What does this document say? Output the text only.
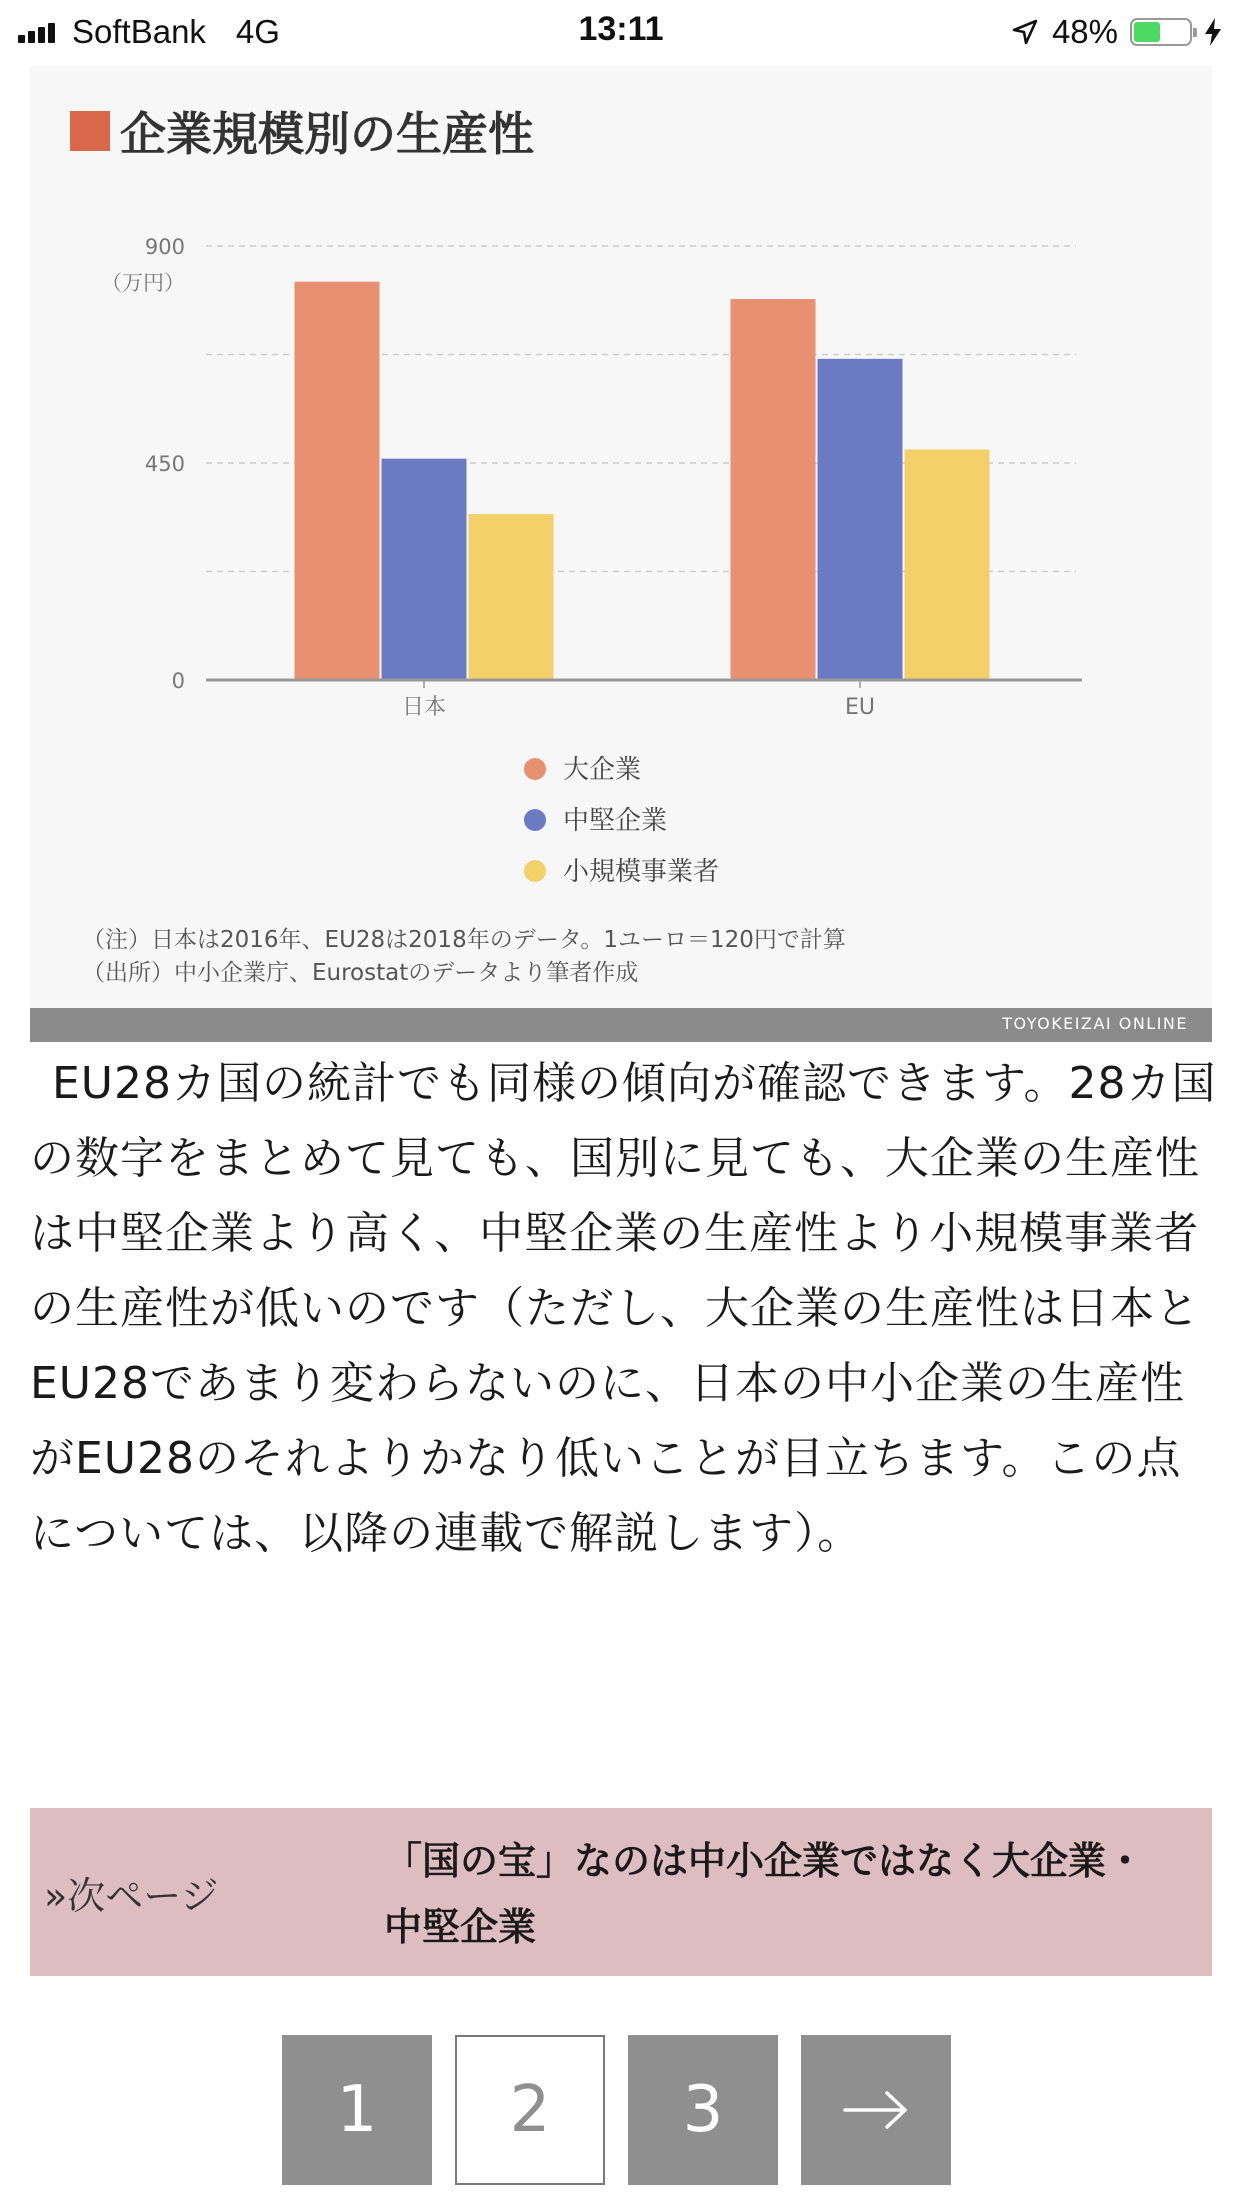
SoftBank 4G	13:11	48%
企業規模別の生産性
0
450
900
（万円）
日本	EU
大企業
中堅企業
小規模事業者
（注）日本は2016年、EU28は2018年のデータ。1ユーロ＝120円で計算
（出所）中小企業庁、Eurostatのデータより筆者作成
TOYOKEIZAI ONLINE

EU28カ国の統計でも同様の傾向が確認できます。28カ国の数字をまとめて見ても、国別に見ても、大企業の生産性は中堅企業より高く、中堅企業の生産性より小規模事業者の生産性が低いのです（ただし、大企業の生産性は日本とEU28であまり変わらないのに、日本の中小企業の生産性がEU28のそれよりかなり低いことが目立ちます。この点については、以降の連載で解説します）。

»次ページ
「国の宝」なのは中小企業ではなく大企業・中堅企業
1	2	3
